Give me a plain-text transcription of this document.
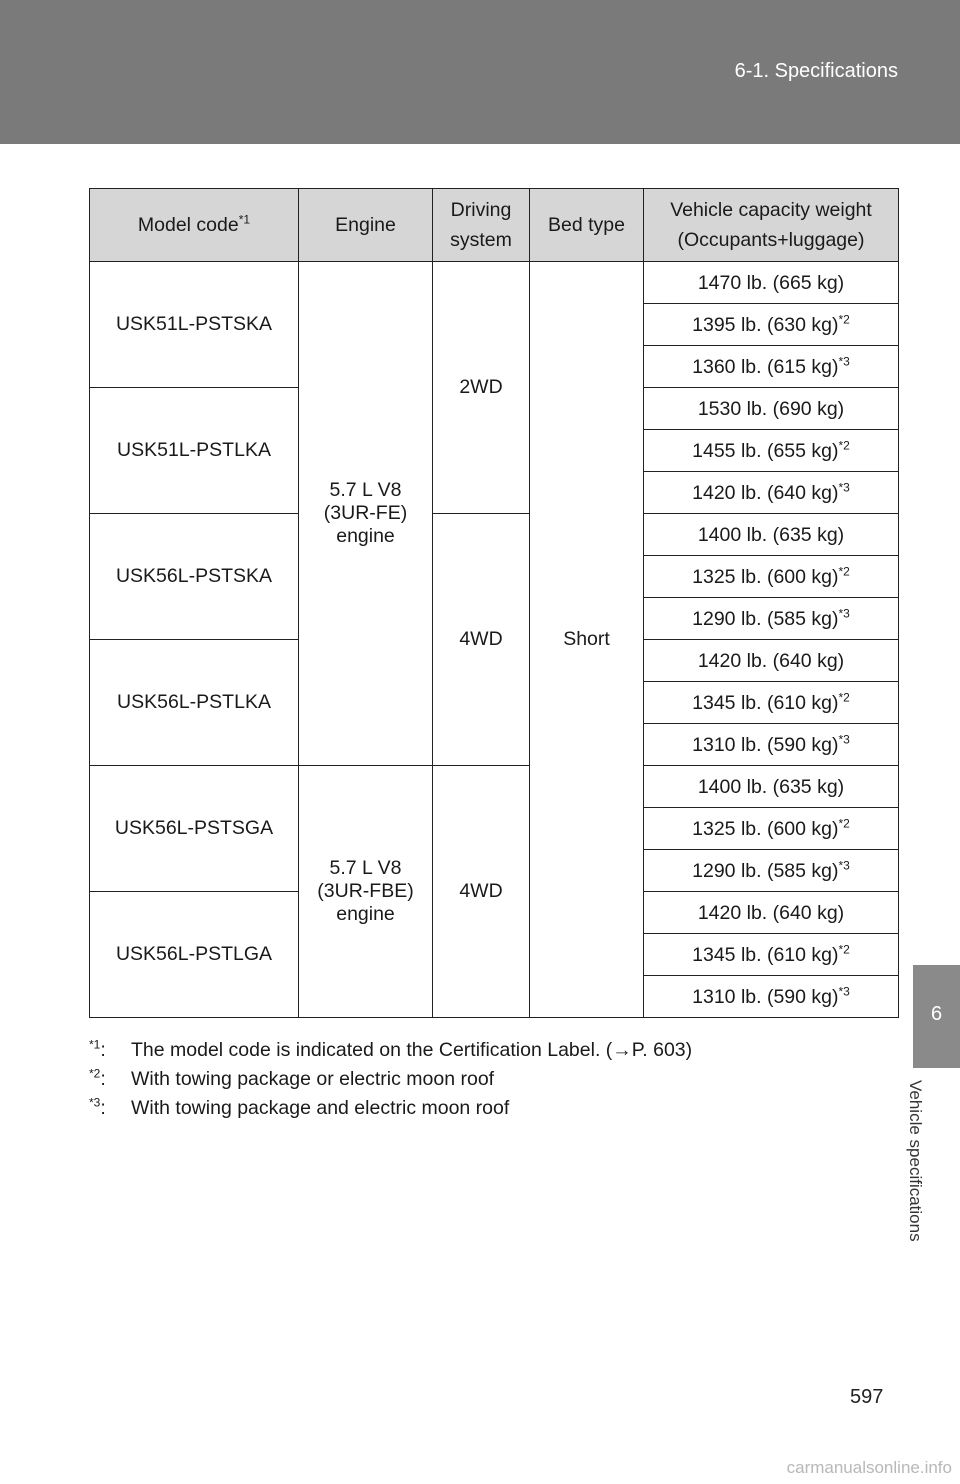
6-1. Specifications
6
Vehicle specifications
Model code$^{*1}$	Engine	Driving
system	Bed type	Vehicle capacity weight
(Occupants+luggage)
USK51L-PSTSKA	5.7 L V8
(3UR-FE)
engine	2WD	Short	1470 lb. (665 kg)
				1395 lb. (630 kg)$^{*2}$
				1360 lb. (615 kg)$^{*3}$
USK51L-PSTLKA				1530 lb. (690 kg)
				1455 lb. (655 kg)$^{*2}$
				1420 lb. (640 kg)$^{*3}$
USK56L-PSTSKA		4WD		1400 lb. (635 kg)
				1325 lb. (600 kg)$^{*2}$
				1290 lb. (585 kg)$^{*3}$
USK56L-PSTLKA				1420 lb. (640 kg)
				1345 lb. (610 kg)$^{*2}$
				1310 lb. (590 kg)$^{*3}$
USK56L-PSTSGA	5.7 L V8
(3UR-FBE)
engine	4WD		1400 lb. (635 kg)
				1325 lb. (600 kg)$^{*2}$
				1290 lb. (585 kg)$^{*3}$
USK56L-PSTLGA				1420 lb. (640 kg)
				1345 lb. (610 kg)$^{*2}$
				1310 lb. (590 kg)$^{*3}$
$^{*1}$: The model code is indicated on the Certification Label. (→P. 603)
$^{*2}$: With towing package or electric moon roof
$^{*3}$: With towing package and electric moon roof
597
carmanualsonline.info
